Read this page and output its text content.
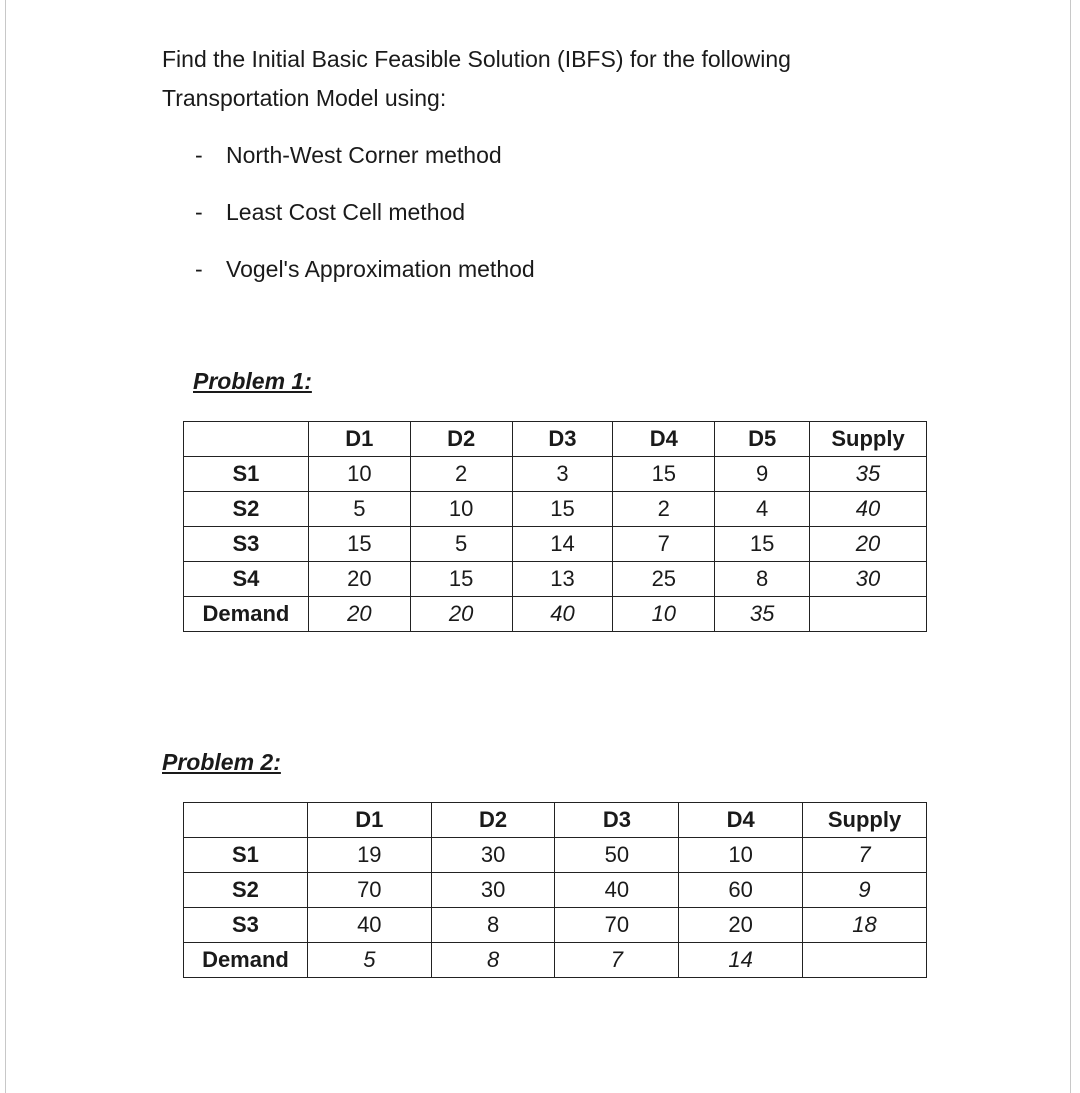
Find the Initial Basic Feasible Solution (IBFS) for the following

Transportation Model using:

-	North-West Corner method
-	Least Cost Cell method
-	Vogel's Approximation method
Problem 1:
	D1	D2	D3	D4	D5	Supply
S1	10	2	3	15	9	35
S2	5	10	15	2	4	40
S3	15	5	14	7	15	20
S4	20	15	13	25	8	30
Demand	20	20	40	10	35	
Problem 2:
	D1	D2	D3	D4	Supply
S1	19	30	50	10	7
S2	70	30	40	60	9
S3	40	8	70	20	18
Demand	5	8	7	14	
